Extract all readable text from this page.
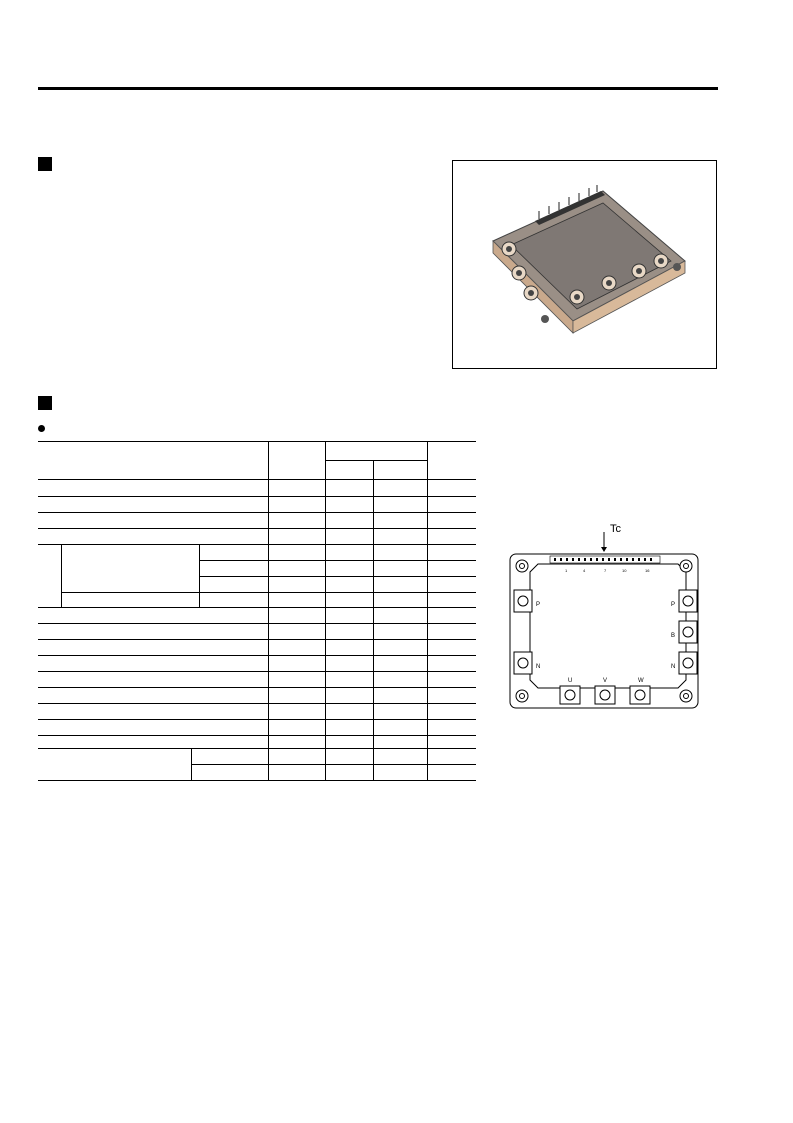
Tc
1	4	7	10	16
P
N
P
B
N
U	V	W
